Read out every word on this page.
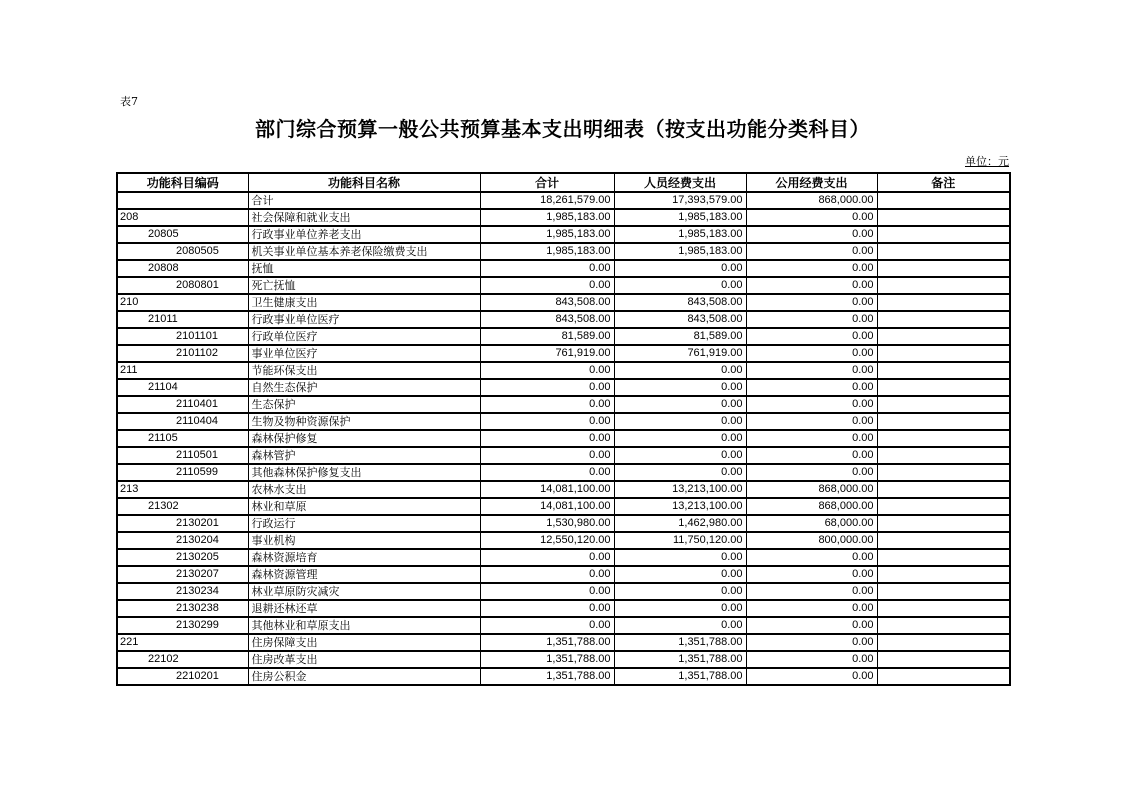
表7
部门综合预算一般公共预算基本支出明细表（按支出功能分类科目）
单位：元
功能科目编码	功能科目名称	合计	人员经费支出	公用经费支出	备注
	合计	18,261,579.00	17,393,579.00	868,000.00	
208	社会保障和就业支出	1,985,183.00	1,985,183.00	0.00	
20805	行政事业单位养老支出	1,985,183.00	1,985,183.00	0.00	
2080505	机关事业单位基本养老保险缴费支出	1,985,183.00	1,985,183.00	0.00	
20808	抚恤	0.00	0.00	0.00	
2080801	死亡抚恤	0.00	0.00	0.00	
210	卫生健康支出	843,508.00	843,508.00	0.00	
21011	行政事业单位医疗	843,508.00	843,508.00	0.00	
2101101	行政单位医疗	81,589.00	81,589.00	0.00	
2101102	事业单位医疗	761,919.00	761,919.00	0.00	
211	节能环保支出	0.00	0.00	0.00	
21104	自然生态保护	0.00	0.00	0.00	
2110401	生态保护	0.00	0.00	0.00	
2110404	生物及物种资源保护	0.00	0.00	0.00	
21105	森林保护修复	0.00	0.00	0.00	
2110501	森林管护	0.00	0.00	0.00	
2110599	其他森林保护修复支出	0.00	0.00	0.00	
213	农林水支出	14,081,100.00	13,213,100.00	868,000.00	
21302	林业和草原	14,081,100.00	13,213,100.00	868,000.00	
2130201	行政运行	1,530,980.00	1,462,980.00	68,000.00	
2130204	事业机构	12,550,120.00	11,750,120.00	800,000.00	
2130205	森林资源培育	0.00	0.00	0.00	
2130207	森林资源管理	0.00	0.00	0.00	
2130234	林业草原防灾减灾	0.00	0.00	0.00	
2130238	退耕还林还草	0.00	0.00	0.00	
2130299	其他林业和草原支出	0.00	0.00	0.00	
221	住房保障支出	1,351,788.00	1,351,788.00	0.00	
22102	住房改革支出	1,351,788.00	1,351,788.00	0.00	
2210201	住房公积金	1,351,788.00	1,351,788.00	0.00	
